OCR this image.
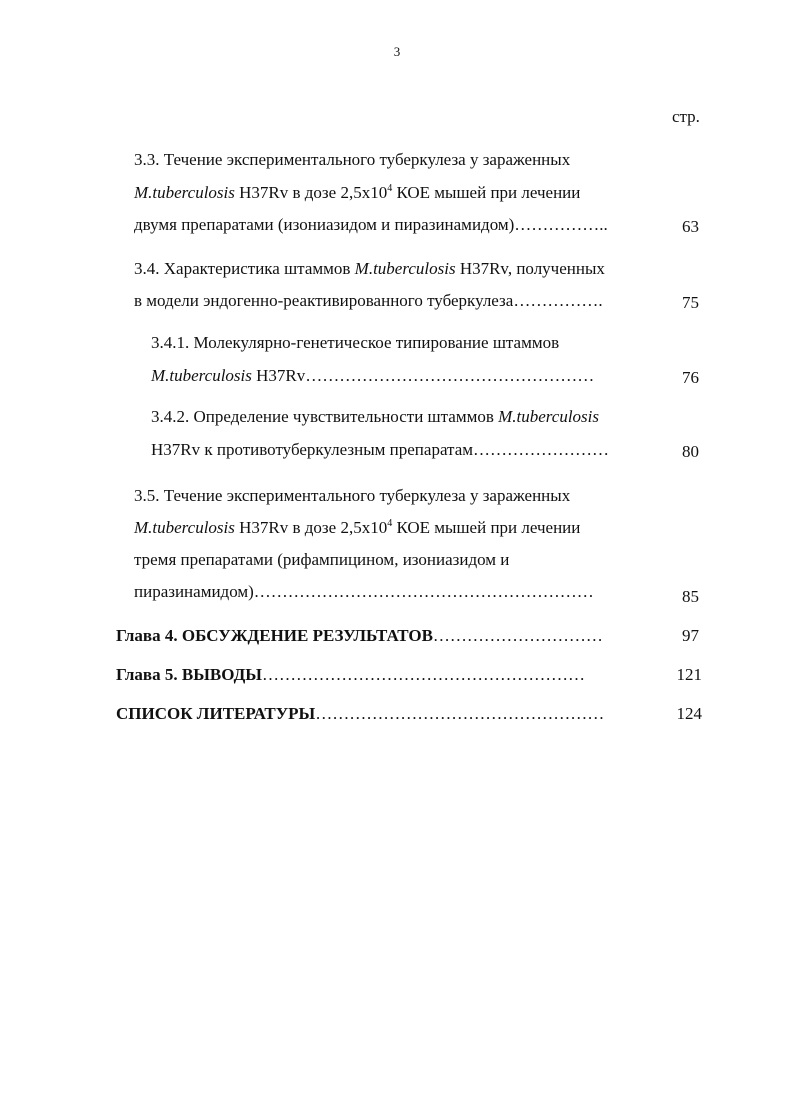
3
стр.
3.3. Течение экспериментального туберкулеза у зараженных
M.tuberculosis H37Rv в дозе $2,5x10^4$ КОЕ мышей при лечении
двумя препаратами (изониазидом и пиразинамидом)……………..	63
3.4. Характеристика штаммов M.tuberculosis H37Rv, полученных
в модели эндогенно-реактивированного туберкулеза…………….	75
3.4.1. Молекулярно-генетическое типирование штаммов
M.tuberculosis H37Rv……………………………………………	76
3.4.2. Определение чувствительности штаммов M.tuberculosis
H37Rv к противотуберкулезным препаратам……………………	80
3.5. Течение экспериментального туберкулеза у зараженных
M.tuberculosis H37Rv в дозе $2,5x10^4$ КОЕ мышей при лечении
тремя препаратами (рифампицином, изониазидом и
пиразинамидом)……………………………………………………	85
Глава 4. ОБСУЖДЕНИЕ РЕЗУЛЬТАТОВ…………………………	97
Глава 5. ВЫВОДЫ…………………………………………………	121
СПИСОК ЛИТЕРАТУРЫ……………………………………………	124
